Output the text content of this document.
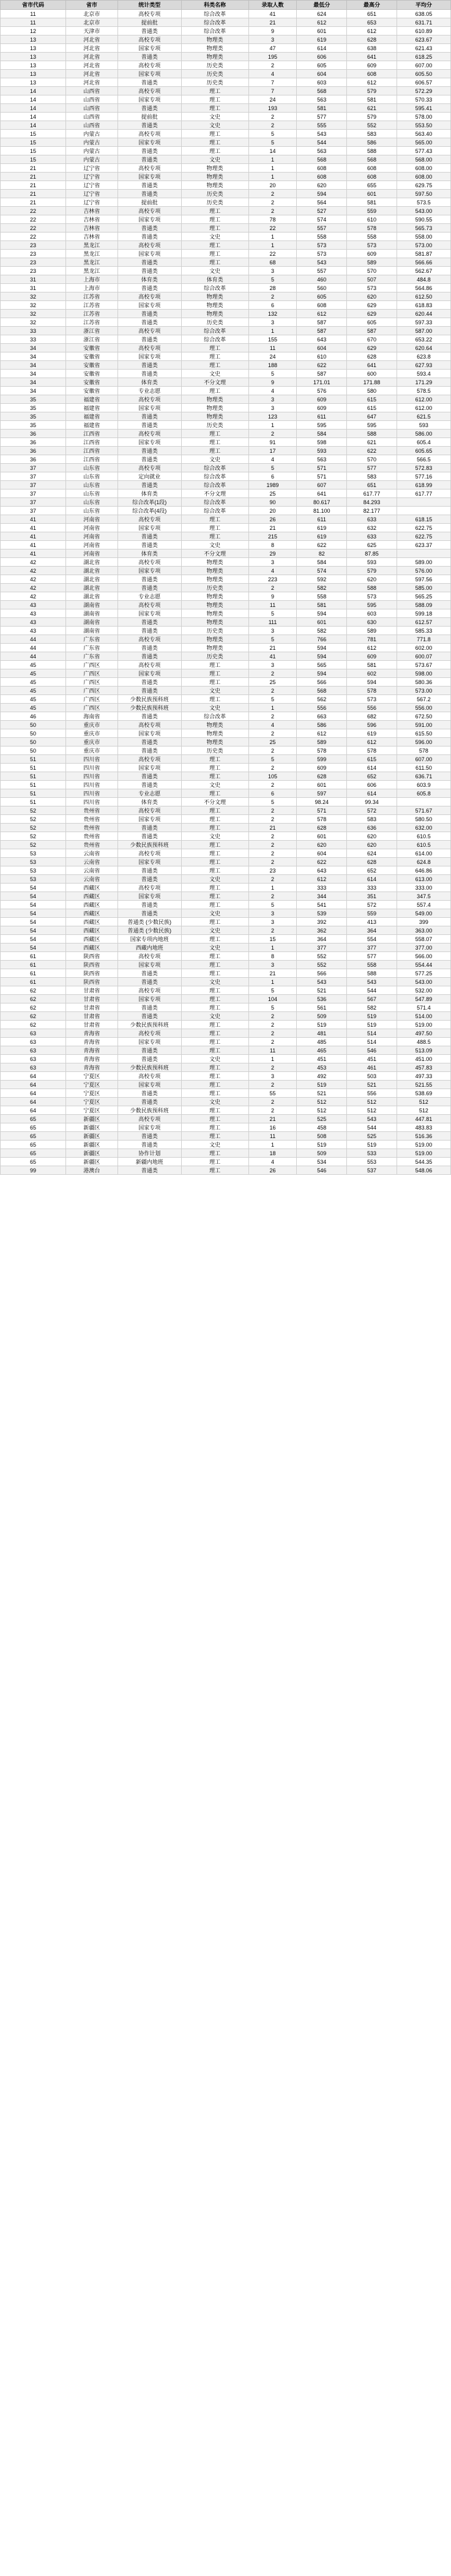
省市代码	省市	统计类型	科类名称	录取人数	最低分	最高分	平均分
11	北京市	高校专项	综合改革	41	624	651	638.05
11	北京市	提前批	综合改革	21	612	653	631.71
12	天津市	普通类	综合改革	9	601	612	610.89
13	河北省	高校专项	物理类	3	619	628	623.67
13	河北省	国家专项	物理类	47	614	638	621.43
13	河北省	普通类	物理类	195	606	641	618.25
13	河北省	高校专项	历史类	2	605	609	607.00
13	河北省	国家专项	历史类	4	604	608	605.50
13	河北省	普通类	历史类	7	603	612	606.57
14	山西省	高校专项	理工	7	568	579	572.29
14	山西省	国家专项	理工	24	563	581	570.33
14	山西省	普通类	理工	193	581	621	595.41
14	山西省	提前批	文史	2	577	579	578.00
14	山西省	普通类	文史	2	555	552	553.50
15	内蒙古	高校专项	理工	5	543	583	563.40
15	内蒙古	国家专项	理工	5	544	586	565.00
15	内蒙古	普通类	理工	14	563	588	577.43
15	内蒙古	普通类	文史	1	568	568	568.00
21	辽宁省	高校专项	物理类	1	608	608	608.00
21	辽宁省	国家专项	物理类	1	608	608	608.00
21	辽宁省	普通类	物理类	20	620	655	629.75
21	辽宁省	普通类	历史类	2	594	601	597.50
21	辽宁省	提前批	历史类	2	564	581	573.5
22	吉林省	高校专项	理工	2	527	559	543.00
22	吉林省	国家专项	理工	78	574	610	590.55
22	吉林省	普通类	理工	22	557	578	565.73
22	吉林省	普通类	文史	1	558	558	558.00
23	黑龙江	高校专项	理工	1	573	573	573.00
23	黑龙江	国家专项	理工	22	573	609	581.87
23	黑龙江	普通类	理工	68	543	589	566.66
23	黑龙江	普通类	文史	3	557	570	562.67
31	上海市	体育类	体育类	5	460	507	484.8
31	上海市	普通类	综合改革	28	560	573	564.86
32	江苏省	高校专项	物理类	2	605	620	612.50
32	江苏省	国家专项	物理类	6	608	629	618.83
32	江苏省	普通类	物理类	132	612	629	620.44
32	江苏省	普通类	历史类	3	587	605	597.33
33	浙江省	高校专项	综合改革	1	587	587	587.00
33	浙江省	普通类	综合改革	155	643	670	653.22
34	安徽省	高校专项	理工	11	604	629	620.64
34	安徽省	国家专项	理工	24	610	628	623.8
34	安徽省	普通类	理工	188	622	641	627.93
34	安徽省	普通类	文史	5	587	600	593.4
34	安徽省	体育类	不分文理	9	171.01	171.88	171.29
34	安徽省	专业志愿	理工	4	576	580	578.5
35	福建省	高校专项	物理类	3	609	615	612.00
35	福建省	国家专项	物理类	3	609	615	612.00
35	福建省	普通类	物理类	123	611	647	621.5
35	福建省	普通类	历史类	1	595	595	593
36	江西省	高校专项	理工	2	584	588	586.00
36	江西省	国家专项	理工	91	598	621	605.4
36	江西省	普通类	理工	17	593	622	605.65
36	江西省	普通类	文史	4	563	570	566.5
37	山东省	高校专项	综合改革	5	571	577	572.83
37	山东省	定向就业	综合改革	6	571	583	577.16
37	山东省	普通类	综合改革	1989	607	651	618.99
37	山东省	体育类	不分文理	25	641	617.77	617.77
37	山东省	综合改革(1段)	综合改革	90	80.617	84.293	
37	山东省	综合改革(4段)	综合改革	20	81.100	82.177	
41	河南省	高校专项	理工	26	611	633	618.15
41	河南省	国家专项	理工	21	619	632	622.75
41	河南省	普通类	理工	215	619	633	622.75
41	河南省	普通类	文史	8	622	625	623.37
41	河南省	体育类	不分文理	29	82	87.85	
42	湖北省	高校专项	物理类	3	584	593	589.00
42	湖北省	国家专项	物理类	4	574	579	576.00
42	湖北省	普通类	物理类	223	592	620	597.56
42	湖北省	普通类	历史类	2	582	588	585.00
42	湖北省	专业志愿	物理类	9	558	573	565.25
43	湖南省	高校专项	物理类	11	581	595	588.09
43	湖南省	国家专项	物理类	5	594	603	599.18
43	湖南省	普通类	物理类	111	601	630	612.57
43	湖南省	普通类	历史类	3	582	589	585.33
44	广东省	高校专项	物理类	5	766	781	771.8
44	广东省	普通类	物理类	21	594	612	602.00
44	广东省	普通类	历史类	41	594	609	600.07
45	广西区	高校专项	理工	3	565	581	573.67
45	广西区	国家专项	理工	2	594	602	598.00
45	广西区	普通类	理工	25	566	594	580.36
45	广西区	普通类	文史	2	568	578	573.00
45	广西区	少数民族预科班	理工	5	562	573	567.2
45	广西区	少数民族预科班	文史	1	556	556	556.00
46	海南省	普通类	综合改革	2	663	682	672.50
50	重庆市	高校专项	物理类	4	586	596	591.00
50	重庆市	国家专项	物理类	2	612	619	615.50
50	重庆市	普通类	物理类	25	589	612	596.00
50	重庆市	普通类	历史类	2	578	578	578
51	四川省	高校专项	理工	5	599	615	607.00
51	四川省	国家专项	理工	2	609	614	611.50
51	四川省	普通类	理工	105	628	652	636.71
51	四川省	普通类	文史	2	601	606	603.9
51	四川省	专业志愿	理工	6	597	614	605.8
51	四川省	体育类	不分文理	5	98.24	99.34	
52	贵州省	高校专项	理工	2	571	572	571.67
52	贵州省	国家专项	理工	2	578	583	580.50
52	贵州省	普通类	理工	21	628	636	632.00
52	贵州省	普通类	文史	2	601	620	610.5
52	贵州省	少数民族预科班	理工	2	620	620	610.5
53	云南省	高校专项	理工	2	604	624	614.00
53	云南省	国家专项	理工	2	622	628	624.8
53	云南省	普通类	理工	23	643	652	646.86
53	云南省	普通类	文史	2	612	614	613.00
54	西藏区	高校专项	理工	1	333	333	333.00
54	西藏区	国家专项	理工	2	344	351	347.5
54	西藏区	普通类	理工	5	541	572	557.4
54	西藏区	普通类	文史	3	539	559	549.00
54	西藏区	普通类 (少数民族)	理工	3	392	413	399
54	西藏区	普通类 (少数民族)	文史	2	362	364	363.00
54	西藏区	国家专项内地班	理工	15	364	554	558.07
54	西藏区	西藏内地班	文史	1	377	377	377.00
61	陕西省	高校专项	理工	8	552	577	566.00
61	陕西省	国家专项	理工	3	552	558	554.44
61	陕西省	普通类	理工	21	566	588	577.25
61	陕西省	普通类	文史	1	543	543	543.00
62	甘肃省	高校专项	理工	5	521	544	532.00
62	甘肃省	国家专项	理工	104	536	567	547.89
62	甘肃省	普通类	理工	5	561	582	571.4
62	甘肃省	普通类	文史	2	509	519	514.00
62	甘肃省	少数民族预科班	理工	2	519	519	519.00
63	青海省	高校专项	理工	2	481	514	497.50
63	青海省	国家专项	理工	2	485	514	488.5
63	青海省	普通类	理工	11	465	546	513.09
63	青海省	普通类	文史	1	451	451	451.00
63	青海省	少数民族预科班	理工	2	453	461	457.83
64	宁夏区	高校专项	理工	3	492	503	497.33
64	宁夏区	国家专项	理工	2	519	521	521.55
64	宁夏区	普通类	理工	55	521	556	538.69
64	宁夏区	普通类	文史	2	512	512	512
64	宁夏区	少数民族预科班	理工	2	512	512	512
65	新疆区	高校专项	理工	21	525	543	447.81
65	新疆区	国家专项	理工	16	458	544	483.83
65	新疆区	普通类	理工	11	508	525	516.36
65	新疆区	普通类	文史	1	519	519	519.00
65	新疆区	协作计划	理工	18	509	533	519.00
65	新疆区	新疆内地班	理工	4	534	553	544.35
99	港澳台	普通类	理工	26	546	537	548.06
